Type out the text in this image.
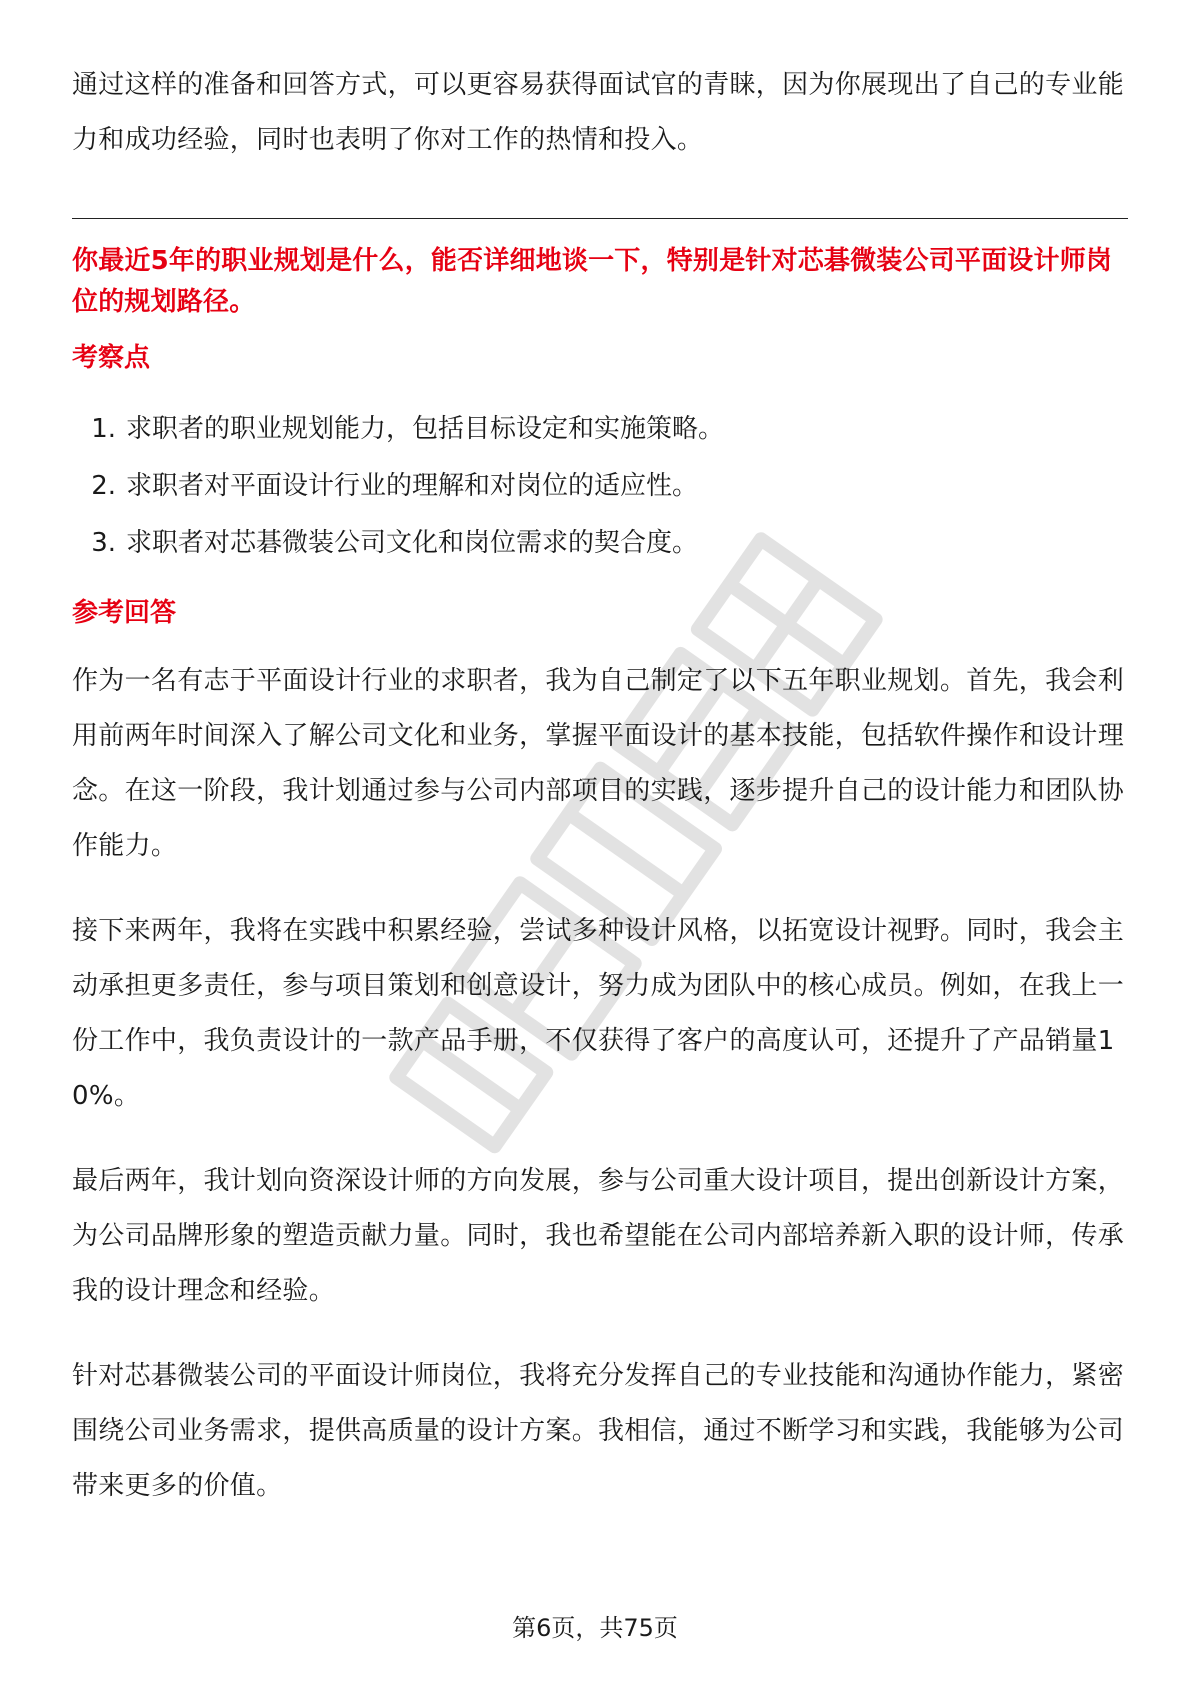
通过这样的准备和回答方式，可以更容易获得面试官的青睐，因为你展现出了自己的专业能力和成功经验，同时也表明了你对工作的热情和投入。

你最近5年的职业规划是什么，能否详细地谈一下，特别是针对芯碁微装公司平面设计师岗位的规划路径。

考察点
1. 求职者的职业规划能力，包括目标设定和实施策略。
2. 求职者对平面设计行业的理解和对岗位的适应性。
3. 求职者对芯碁微装公司文化和岗位需求的契合度。
参考回答

作为一名有志于平面设计行业的求职者，我为自己制定了以下五年职业规划。首先，我会利用前两年时间深入了解公司文化和业务，掌握平面设计的基本技能，包括软件操作和设计理念。在这一阶段，我计划通过参与公司内部项目的实践，逐步提升自己的设计能力和团队协作能力。

接下来两年，我将在实践中积累经验，尝试多种设计风格，以拓宽设计视野。同时，我会主动承担更多责任，参与项目策划和创意设计，努力成为团队中的核心成员。例如，在我上一份工作中，我负责设计的一款产品手册，不仅获得了客户的高度认可，还提升了产品销量10%。

最后两年，我计划向资深设计师的方向发展，参与公司重大设计项目，提出创新设计方案，为公司品牌形象的塑造贡献力量。同时，我也希望能在公司内部培养新入职的设计师，传承我的设计理念和经验。

针对芯碁微装公司的平面设计师岗位，我将充分发挥自己的专业技能和沟通协作能力，紧密围绕公司业务需求，提供高质量的设计方案。我相信，通过不断学习和实践，我能够为公司带来更多的价值。

第6页，共75页
